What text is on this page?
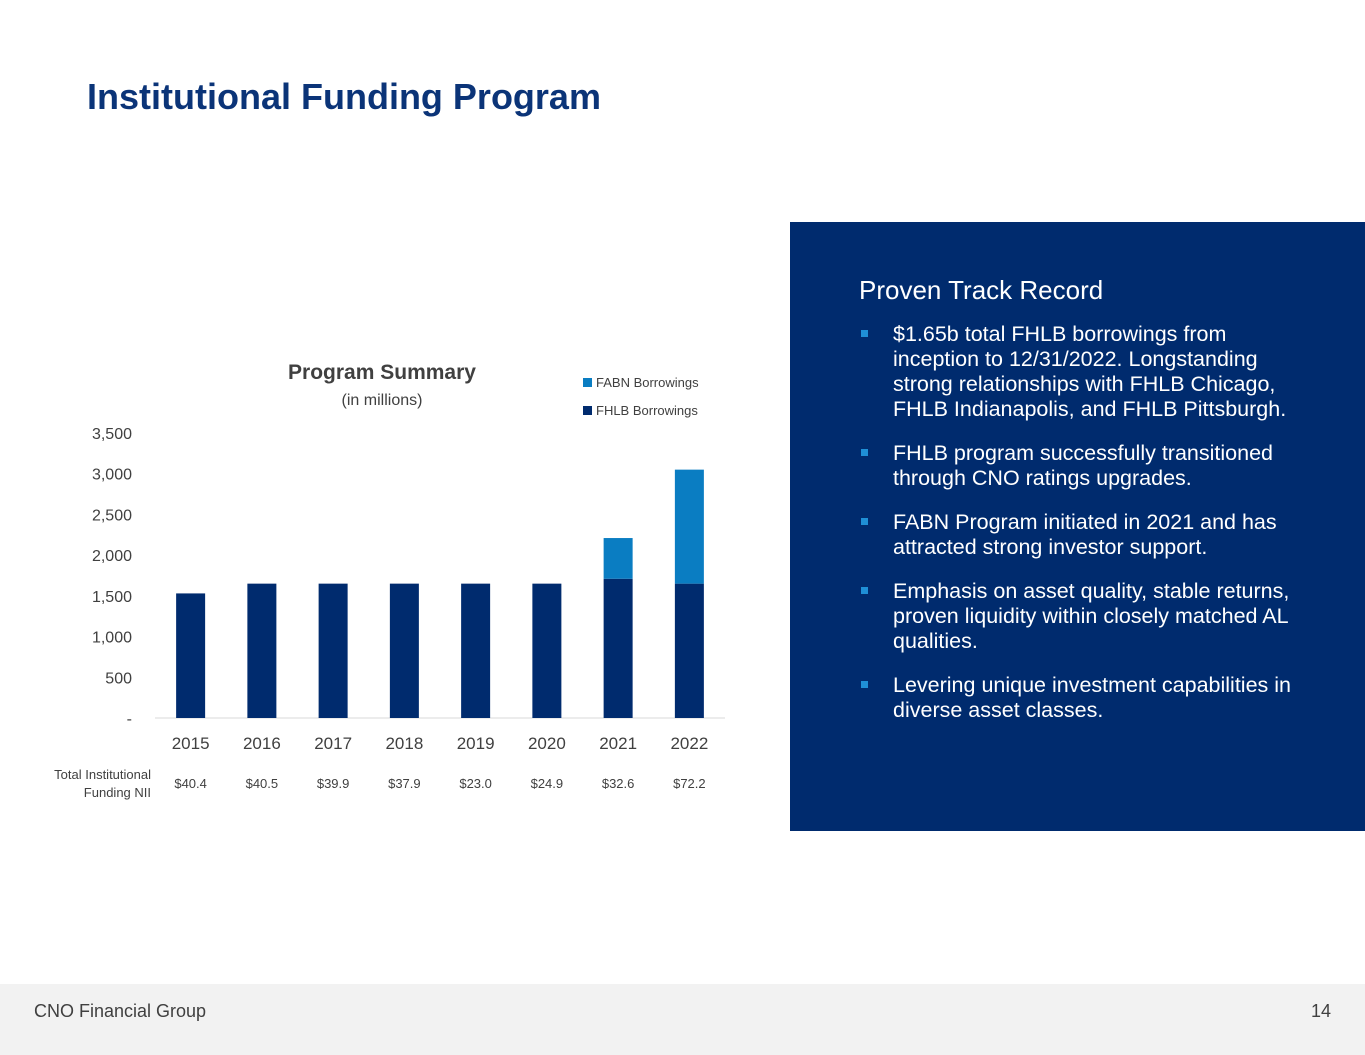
Institutional Funding Program
Program Summary
(in millions)
FABN Borrowings
FHLB Borrowings
-
500
1,000
1,500
2,000
2,500
3,000
3,500
2015
$40.4
2016
$40.5
2017
$39.9
2018
$37.9
2019
$23.0
2020
$24.9
2021
$32.6
2022
$72.2
Total Institutional
Funding NII
Proven Track Record
$1.65b total FHLB borrowings from inception to 12/31/2022. Longstanding strong relationships with FHLB Chicago, FHLB Indianapolis, and FHLB Pittsburgh.
FHLB program successfully transitioned through CNO ratings upgrades.
FABN Program initiated in 2021 and has attracted strong investor support.
Emphasis on asset quality, stable returns, proven liquidity within closely matched AL qualities.
Levering unique investment capabilities in diverse asset classes.
CNO Financial Group	14
